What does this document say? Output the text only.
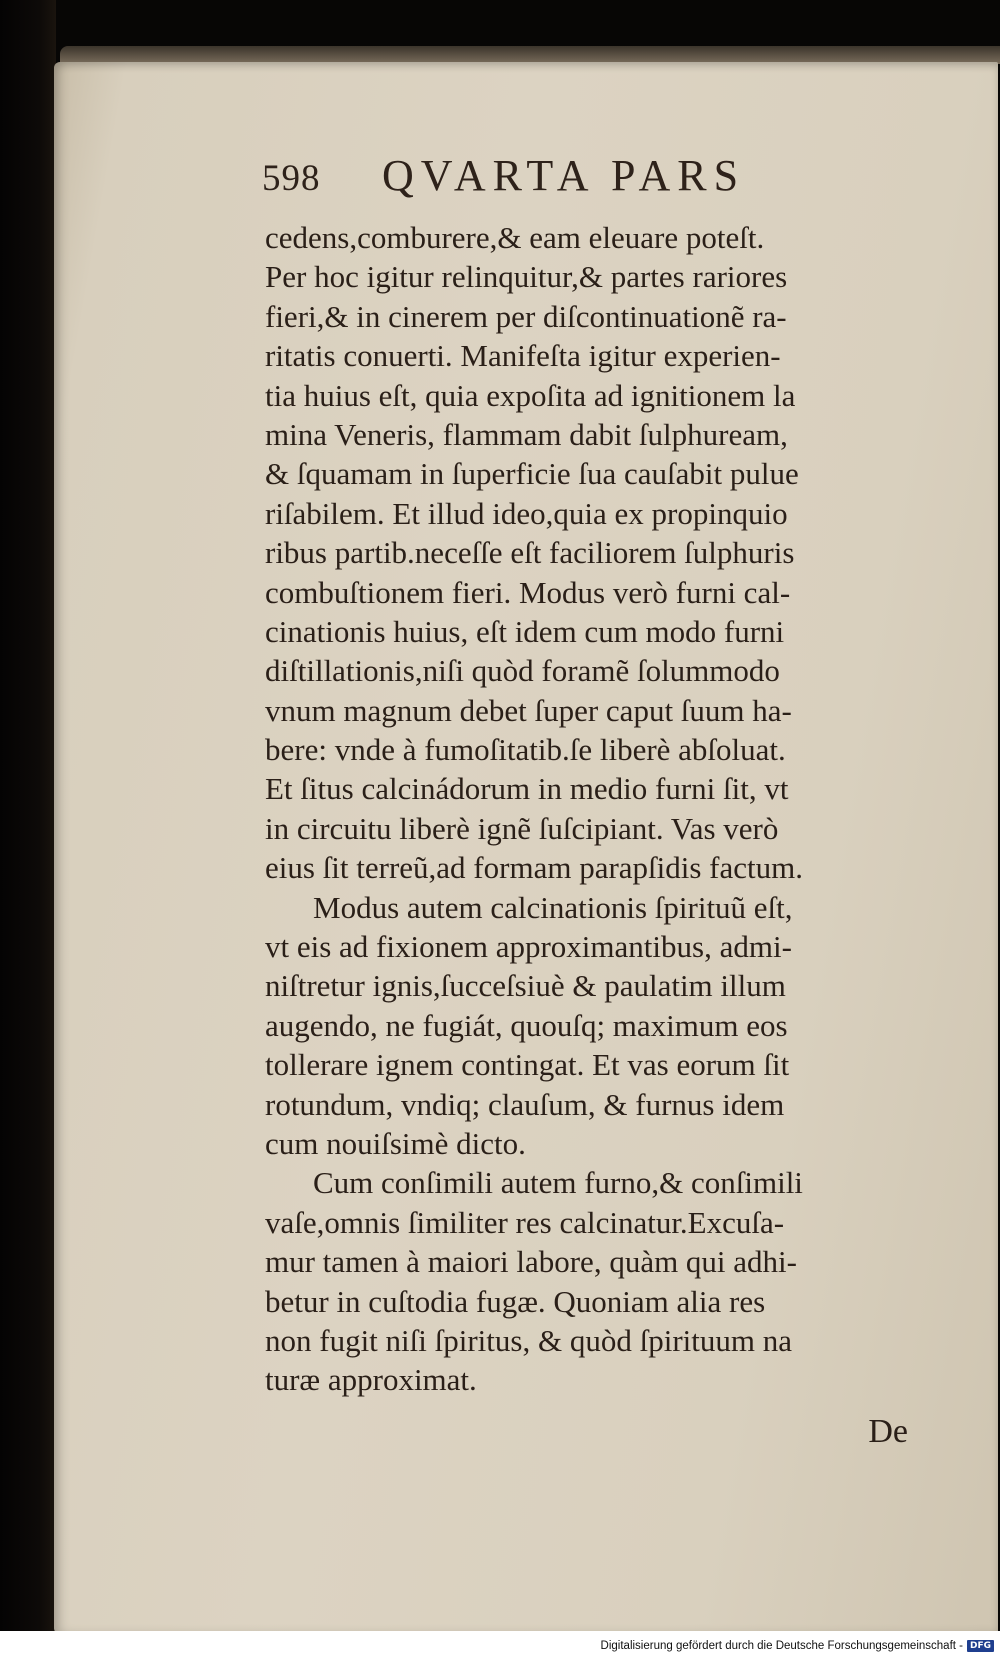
598	QVARTA PARS
cedens,comburere,& eam eleuare poteſt.
Per hoc igitur relinquitur,& partes rariores
fieri,& in cinerem per diſcontinuationẽ ra-
ritatis conuerti. Manifeſta igitur experien-
tia huius eſt, quia expoſita ad ignitionem la
mina Veneris, flammam dabit ſulphuream,
& ſquamam in ſuperficie ſua cauſabit pulue
riſabilem. Et illud ideo,quia ex propinquio
ribus partib.neceſſe eſt faciliorem ſulphuris
combuſtionem fieri. Modus verò furni cal-
cinationis huius, eſt idem cum modo furni
diſtillationis,niſi quòd foramẽ ſolummodo
vnum magnum debet ſuper caput ſuum ha-
bere: vnde à fumoſitatib.ſe liberè abſoluat.
Et ſitus calcinádorum in medio furni ſit, vt
in circuitu liberè ignẽ ſuſcipiant. Vas verò
eius ſit terreũ,ad formam parapſidis factum.
Modus autem calcinationis ſpirituũ eſt,
vt eis ad fixionem approximantibus, admi-
niſtretur ignis,ſucceſsiuè & paulatim illum
augendo, ne fugiát, quouſq; maximum eos
tollerare ignem contingat. Et vas eorum ſit
rotundum, vndiq; clauſum, & furnus idem
cum nouiſsimè dicto.
Cum conſimili autem furno,& conſimili
vaſe,omnis ſimiliter res calcinatur.Excuſa-
mur tamen à maiori labore, quàm qui adhi-
betur in cuſtodia fugæ. Quoniam alia res
non fugit niſi ſpiritus, & quòd ſpirituum na
turæ approximat.
De
Digitalisierung gefördert durch die Deutsche Forschungsgemeinschaft - DFG
